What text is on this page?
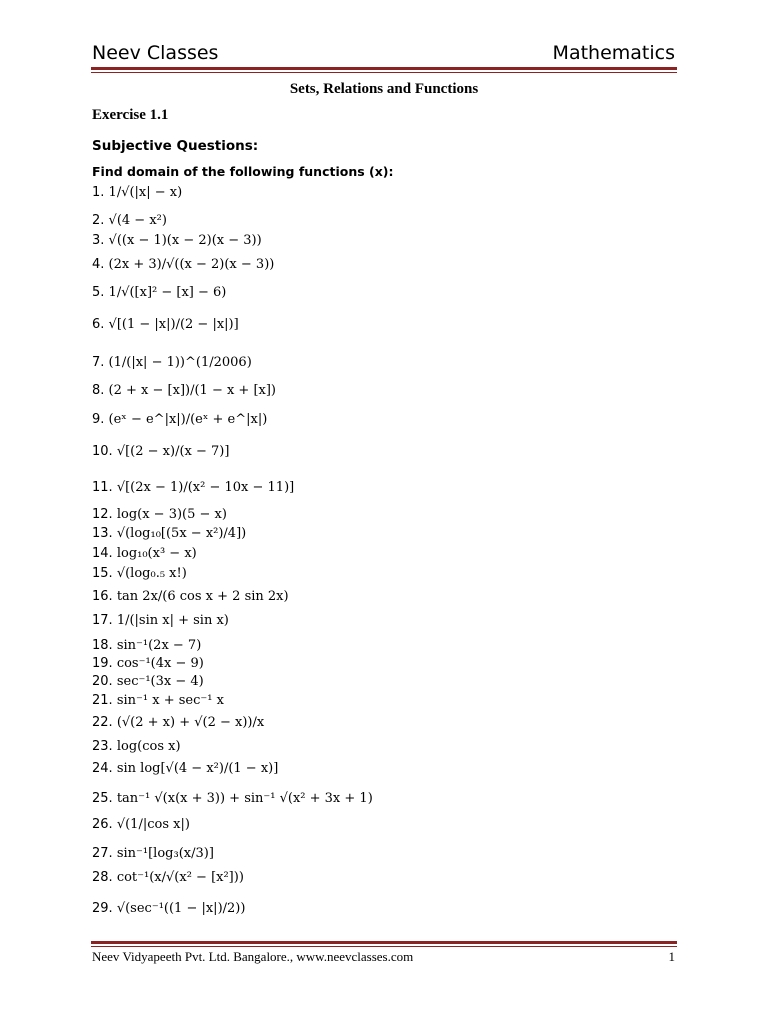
Neev Classes	Mathematics
Sets, Relations and Functions
Exercise 1.1
Subjective Questions:
Find domain of the following functions (x):
1. 1/√(|x| − x)
2. √(4 − x²)
3. √((x − 1)(x − 2)(x − 3))
4. (2x + 3)/√((x − 2)(x − 3))
5. 1/√([x]² − [x] − 6)
6. √[(1 − |x|)/(2 − |x|)]
7. (1/(|x| − 1))^(1/2006)
8. (2 + x − [x])/(1 − x + [x])
9. (eˣ − e^|x|)/(eˣ + e^|x|)
10. √[(2 − x)/(x − 7)]
11. √[(2x − 1)/(x² − 10x − 11)]
12. log(x − 3)(5 − x)
13. √(log₁₀[(5x − x²)/4])
14. log₁₀(x³ − x)
15. √(log₀.₅ x!)
16. tan 2x/(6 cos x + 2 sin 2x)
17. 1/(|sin x| + sin x)
18. sin⁻¹(2x − 7)
19. cos⁻¹(4x − 9)
20. sec⁻¹(3x − 4)
21. sin⁻¹ x + sec⁻¹ x
22. (√(2 + x) + √(2 − x))/x
23. log(cos x)
24. sin log[√(4 − x²)/(1 − x)]
25. tan⁻¹ √(x(x + 3)) + sin⁻¹ √(x² + 3x + 1)
26. √(1/|cos x|)
27. sin⁻¹[log₃(x/3)]
28. cot⁻¹(x/√(x² − [x²]))
29. √(sec⁻¹((1 − |x|)/2))
Neev Vidyapeeth Pvt. Ltd. Bangalore., www.neevclasses.com	1
